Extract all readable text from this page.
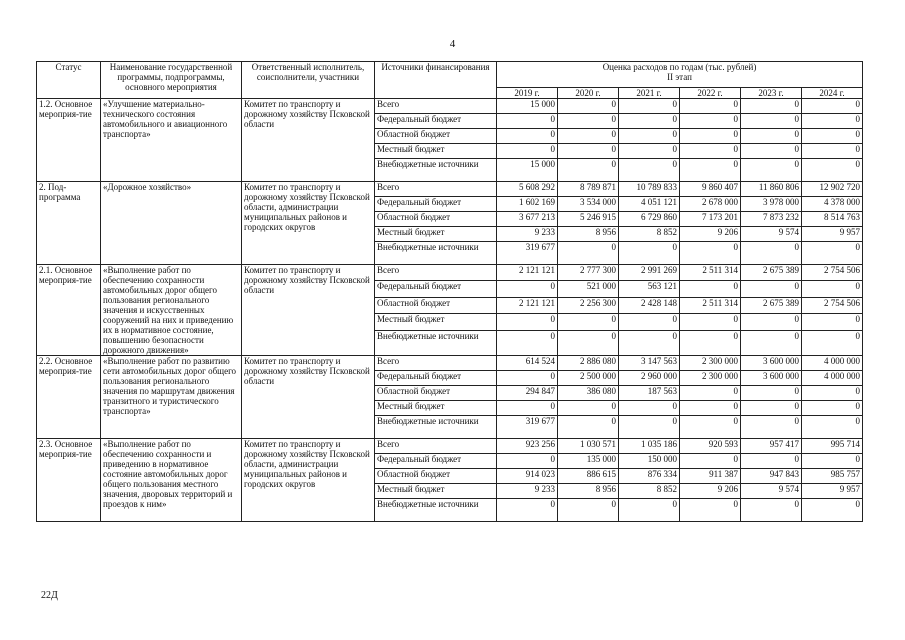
4
Статус	Наименование государственной программы, подпрограммы, основного мероприятия	Ответственный исполнитель, соисполнители, участники	Источники финансирования	Оценка расходов по годам (тыс. рублей)
II этап					

				2019 г.	2020 г.	2021 г.	2022 г.	2023 г.	2024 г.
1.2. Основное мероприя-тие	«Улучшение материально-технического состояния автомобильного и авиационного транспорта»	Комитет по транспорту и дорожному хозяйству Псковской области	Всего	15 000	0	0	0	0	0
			Федеральный бюджет	0	0	0	0	0	0
			Областной бюджет	0	0	0	0	0	0
			Местный бюджет	0	0	0	0	0	0
			Внебюджетные источники	15 000	0	0	0	0	0
2. Под-программа	«Дорожное хозяйство»	Комитет по транспорту и дорожному хозяйству Псковской области, администрации муниципальных районов и городских округов	Всего	5 608 292	8 789 871	10 789 833	9 860 407	11 860 806	12 902 720
			Федеральный бюджет	1 602 169	3 534 000	4 051 121	2 678 000	3 978 000	4 378 000
			Областной бюджет	3 677 213	5 246 915	6 729 860	7 173 201	7 873 232	8 514 763
			Местный бюджет	9 233	8 956	8 852	9 206	9 574	9 957
			Внебюджетные источники	319 677	0	0	0	0	0
2.1. Основное мероприя-тие	«Выполнение работ по обеспечению сохранности автомобильных дорог общего пользования регионального значения и искусственных сооружений на них и приведению их в нормативное состояние, повышению безопасности дорожного движения»	Комитет по транспорту и дорожному хозяйству Псковской области	Всего	2 121 121	2 777 300	2 991 269	2 511 314	2 675 389	2 754 506
			Федеральный бюджет	0	521 000	563 121	0	0	0
			Областной бюджет	2 121 121	2 256 300	2 428 148	2 511 314	2 675 389	2 754 506
			Местный бюджет	0	0	0	0	0	0
			Внебюджетные источники	0	0	0	0	0	0
2.2. Основное мероприя-тие	«Выполнение работ по развитию сети автомобильных дорог общего пользования регионального значения по маршрутам движения транзитного и туристического транспорта»	Комитет по транспорту и дорожному хозяйству Псковской области	Всего	614 524	2 886 080	3 147 563	2 300 000	3 600 000	4 000 000
			Федеральный бюджет	0	2 500 000	2 960 000	2 300 000	3 600 000	4 000 000
			Областной бюджет	294 847	386 080	187 563	0	0	0
			Местный бюджет	0	0	0	0	0	0
			Внебюджетные источники	319 677	0	0	0	0	0
2.3. Основное мероприя-тие	«Выполнение работ по обеспечению сохранности и приведению в нормативное состояние автомобильных дорог общего пользования местного значения, дворовых территорий и проездов к ним»	Комитет по транспорту и дорожному хозяйству Псковской области, администрации муниципальных районов и городских округов	Всего	923 256	1 030 571	1 035 186	920 593	957 417	995 714
			Федеральный бюджет	0	135 000	150 000	0	0	0
			Областной бюджет	914 023	886 615	876 334	911 387	947 843	985 757
			Местный бюджет	9 233	8 956	8 852	9 206	9 574	9 957
			Внебюджетные источники	0	0	0	0	0	0
22Д
